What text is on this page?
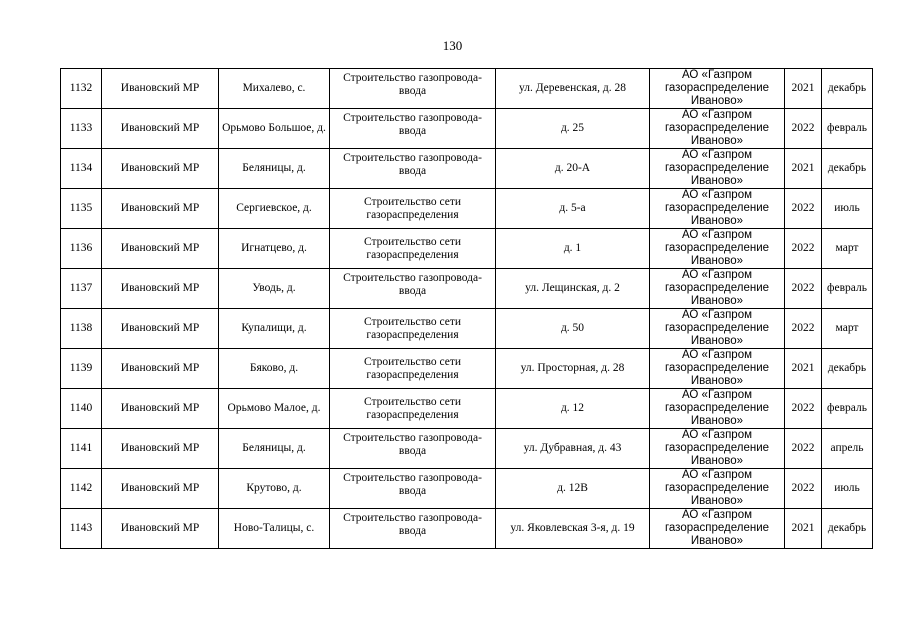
130
1132	Ивановский МР	Михалево, с.	Строительство газопровода-
ввода	ул. Деревенская, д. 28	АО «Газпром
газораспределение
Иваново»	2021	декабрь
1133	Ивановский МР	Орьмово Большое, д.	Строительство газопровода-
ввода	д. 25	АО «Газпром
газораспределение
Иваново»	2022	февраль
1134	Ивановский МР	Беляницы, д.	Строительство газопровода-
ввода	д. 20-А	АО «Газпром
газораспределение
Иваново»	2021	декабрь
1135	Ивановский МР	Сергиевское, д.	Строительство сети
газораспределения	д. 5-а	АО «Газпром
газораспределение
Иваново»	2022	июль
1136	Ивановский МР	Игнатцево, д.	Строительство сети
газораспределения	д. 1	АО «Газпром
газораспределение
Иваново»	2022	март
1137	Ивановский МР	Уводь, д.	Строительство газопровода-
ввода	ул. Лещинская, д. 2	АО «Газпром
газораспределение
Иваново»	2022	февраль
1138	Ивановский МР	Купалищи, д.	Строительство сети
газораспределения	д. 50	АО «Газпром
газораспределение
Иваново»	2022	март
1139	Ивановский МР	Бяково, д.	Строительство сети
газораспределения	ул. Просторная, д. 28	АО «Газпром
газораспределение
Иваново»	2021	декабрь
1140	Ивановский МР	Орьмово Малое, д.	Строительство сети
газораспределения	д. 12	АО «Газпром
газораспределение
Иваново»	2022	февраль
1141	Ивановский МР	Беляницы, д.	Строительство газопровода-
ввода	ул. Дубравная, д. 43	АО «Газпром
газораспределение
Иваново»	2022	апрель
1142	Ивановский МР	Крутово, д.	Строительство газопровода-
ввода	д. 12В	АО «Газпром
газораспределение
Иваново»	2022	июль
1143	Ивановский МР	Ново-Талицы, с.	Строительство газопровода-
ввода	ул. Яковлевская 3-я, д. 19	АО «Газпром
газораспределение
Иваново»	2021	декабрь
